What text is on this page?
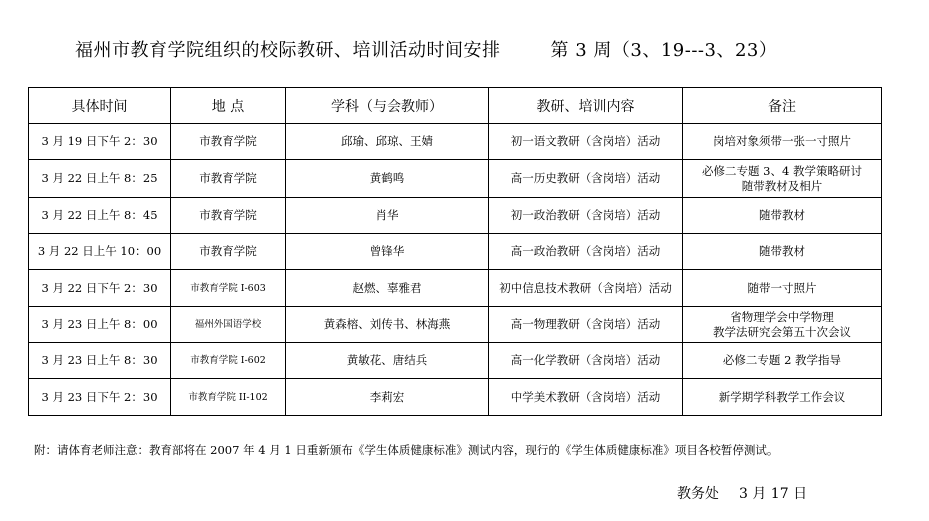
福州市教育学院组织的校际教研、培训活动时间安排	第 3 周（3、19---3、23）
具体时间	地 点	学科（与会教师）	教研、培训内容	备注
3 月 19 日下午 2：30	市教育学院	邱瑜、邱琼、王婧	初一语文教研（含岗培）活动	岗培对象须带一张一寸照片

3 月 22 日上午 8：25	市教育学院	黄鹤鸣	高一历史教研（含岗培）活动	必修二专题 3、4 教学策略研讨
随带教材及相片

3 月 22 日上午 8：45	市教育学院	肖华	初一政治教研（含岗培）活动	随带教材

3 月 22 日上午 10：00	市教育学院	曾锋华	高一政治教研（含岗培）活动	随带教材

3 月 22 日下午 2：30	市教育学院 I-603	赵燃、辜雅君	初中信息技术教研（含岗培）活动	随带一寸照片

3 月 23 日上午 8：00	福州外国语学校	黄森榕、刘传书、林海燕	高一物理教研（含岗培）活动	省物理学会中学物理
教学法研究会第五十次会议

3 月 23 日上午 8：30	市教育学院 I-602	黄敏花、唐结兵	高一化学教研（含岗培）活动	必修二专题 2 教学指导

3 月 23 日下午 2：30	市教育学院 II-102	李莉宏	中学美术教研（含岗培）活动	新学期学科教学工作会议
附：请体育老师注意：教育部将在 2007 年 4 月 1 日重新颁布《学生体质健康标准》测试内容，现行的《学生体质健康标准》项目各校暂停测试。
教务处 3 月 17 日
